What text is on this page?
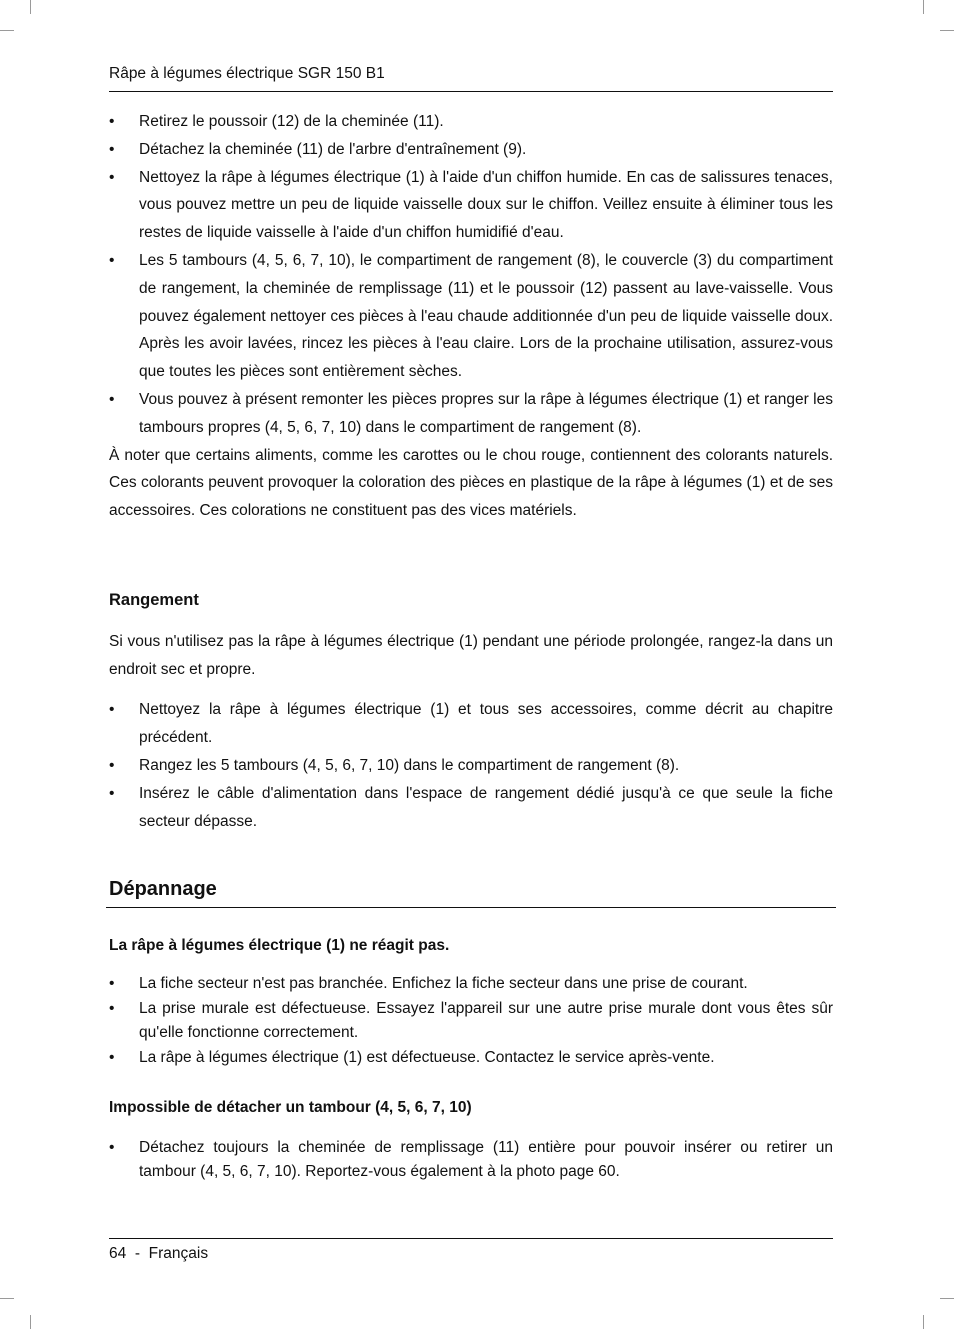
Râpe à légumes électrique SGR 150 B1
• Retirez le poussoir (12) de la cheminée (11).
• Détachez la cheminée (11) de l'arbre d'entraînement (9).
• Nettoyez la râpe à légumes électrique (1) à l'aide d'un chiffon humide. En cas de salissures tenaces, vous pouvez mettre un peu de liquide vaisselle doux sur le chiffon. Veillez ensuite à éliminer tous les restes de liquide vaisselle à l'aide d'un chiffon humidifié d'eau.
• Les 5 tambours (4, 5, 6, 7, 10), le compartiment de rangement (8), le couvercle (3) du compartiment de rangement, la cheminée de remplissage (11) et le poussoir (12) passent au lave-vaisselle. Vous pouvez également nettoyer ces pièces à l'eau chaude additionnée d'un peu de liquide vaisselle doux. Après les avoir lavées, rincez les pièces à l'eau claire. Lors de la prochaine utilisation, assurez-vous que toutes les pièces sont entièrement sèches.
• Vous pouvez à présent remonter les pièces propres sur la râpe à légumes électrique (1) et ranger les tambours propres (4, 5, 6, 7, 10) dans le compartiment de rangement (8).

À noter que certains aliments, comme les carottes ou le chou rouge, contiennent des colorants naturels. Ces colorants peuvent provoquer la coloration des pièces en plastique de la râpe à légumes (1) et de ses accessoires. Ces colorations ne constituent pas des vices matériels.

Rangement

Si vous n'utilisez pas la râpe à légumes électrique (1) pendant une période prolongée, rangez-la dans un endroit sec et propre.

• Nettoyez la râpe à légumes électrique (1) et tous ses accessoires, comme décrit au chapitre précédent.
• Rangez les 5 tambours (4, 5, 6, 7, 10) dans le compartiment de rangement (8).
• Insérez le câble d'alimentation dans l'espace de rangement dédié jusqu'à ce que seule la fiche secteur dépasse.
Dépannage
La râpe à légumes électrique (1) ne réagit pas.
• La fiche secteur n'est pas branchée. Enfichez la fiche secteur dans une prise de courant.
• La prise murale est défectueuse. Essayez l'appareil sur une autre prise murale dont vous êtes sûr qu'elle fonctionne correctement.
• La râpe à légumes électrique (1) est défectueuse. Contactez le service après-vente.
Impossible de détacher un tambour (4, 5, 6, 7, 10)
• Détachez toujours la cheminée de remplissage (11) entière pour pouvoir insérer ou retirer un tambour (4, 5, 6, 7, 10). Reportez-vous également à la photo page 60.
64 - Français
